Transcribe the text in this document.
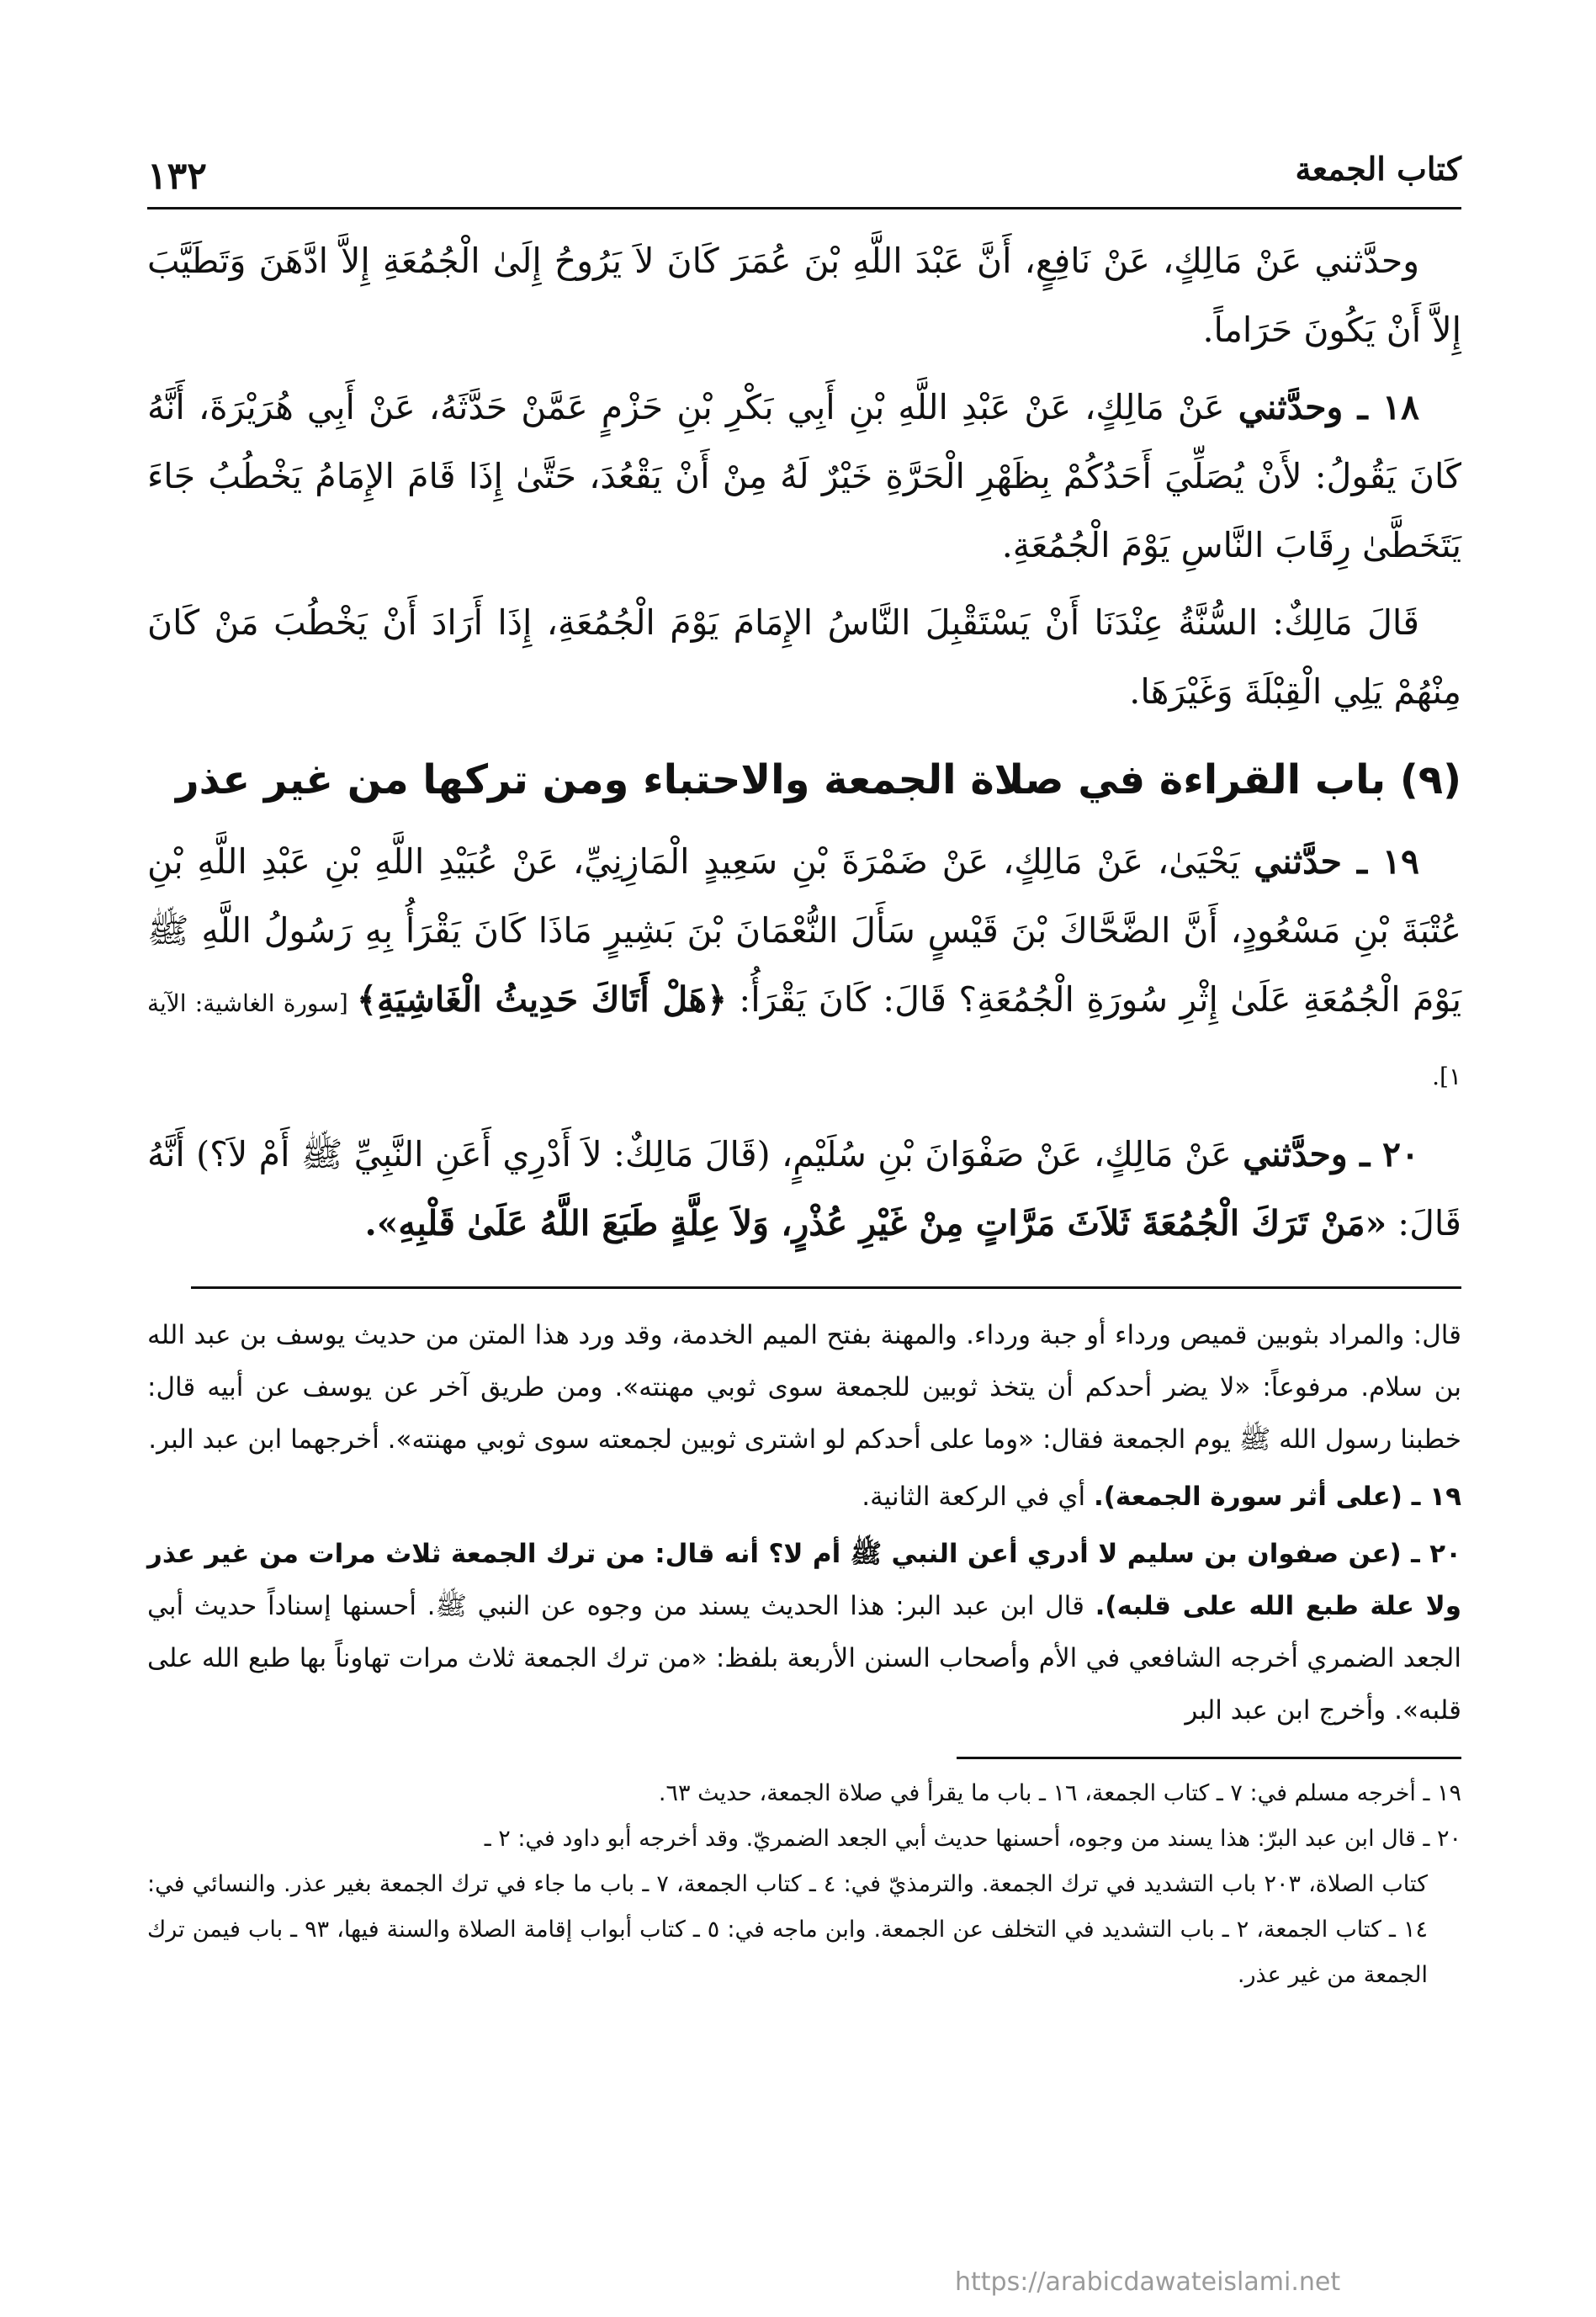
كتاب الجمعة
١٣٢

وحدَّثني عَنْ مَالِكٍ، عَنْ نَافِعٍ، أَنَّ عَبْدَ اللَّهِ بْنَ عُمَرَ كَانَ لاَ يَرُوحُ إِلَىٰ الْجُمُعَةِ إِلاَّ ادَّهَنَ وَتَطَيَّبَ إِلاَّ أَنْ يَكُونَ حَرَاماً.

١٨ ـ وحدَّثني عَنْ مَالِكٍ، عَنْ عَبْدِ اللَّهِ بْنِ أَبِي بَكْرِ بْنِ حَزْمٍ عَمَّنْ حَدَّثَهُ، عَنْ أَبِي هُرَيْرَةَ، أَنَّهُ كَانَ يَقُولُ: لأَنْ يُصَلِّيَ أَحَدُكُمْ بِظَهْرِ الْحَرَّةِ خَيْرٌ لَهُ مِنْ أَنْ يَقْعُدَ، حَتَّىٰ إِذَا قَامَ الإِمَامُ يَخْطُبُ جَاءَ يَتَخَطَّىٰ رِقَابَ النَّاسِ يَوْمَ الْجُمُعَةِ.

قَالَ مَالِكٌ: السُّنَّةُ عِنْدَنَا أَنْ يَسْتَقْبِلَ النَّاسُ الإِمَامَ يَوْمَ الْجُمُعَةِ، إِذَا أَرَادَ أَنْ يَخْطُبَ مَنْ كَانَ مِنْهُمْ يَلِي الْقِبْلَةَ وَغَيْرَهَا.

(٩) باب القراءة في صلاة الجمعة والاحتباء ومن تركها من غير عذر

١٩ ـ حدَّثني يَحْيَىٰ، عَنْ مَالِكٍ، عَنْ ضَمْرَةَ بْنِ سَعِيدٍ الْمَازِنِيِّ، عَنْ عُبَيْدِ اللَّهِ بْنِ عَبْدِ اللَّهِ بْنِ عُتْبَةَ بْنِ مَسْعُودٍ، أَنَّ الضَّحَّاكَ بْنَ قَيْسٍ سَأَلَ النُّعْمَانَ بْنَ بَشِيرٍ مَاذَا كَانَ يَقْرَأُ بِهِ رَسُولُ اللَّهِ ﷺ يَوْمَ الْجُمُعَةِ عَلَىٰ إِثْرِ سُورَةِ الْجُمُعَةِ؟ قَالَ: كَانَ يَقْرَأُ: ﴿هَلْ أَتَاكَ حَدِيثُ الْغَاشِيَةِ﴾ [سورة الغاشية: الآية ١].

٢٠ ـ وحدَّثني عَنْ مَالِكٍ، عَنْ صَفْوَانَ بْنِ سُلَيْمٍ، (قَالَ مَالِكٌ: لاَ أَدْرِي أَعَنِ النَّبِيِّ ﷺ أَمْ لاَ؟) أَنَّهُ قَالَ: «مَنْ تَرَكَ الْجُمُعَةَ ثَلاَثَ مَرَّاتٍ مِنْ غَيْرِ عُذْرٍ، وَلاَ عِلَّةٍ طَبَعَ اللَّهُ عَلَىٰ قَلْبِهِ».

قال: والمراد بثوبين قميص ورداء أو جبة ورداء. والمهنة بفتح الميم الخدمة، وقد ورد هذا المتن من حديث يوسف بن عبد الله بن سلام. مرفوعاً: «لا يضر أحدكم أن يتخذ ثوبين للجمعة سوى ثوبي مهنته». ومن طريق آخر عن يوسف عن أبيه قال: خطبنا رسول الله ﷺ يوم الجمعة فقال: «وما على أحدكم لو اشترى ثوبين لجمعته سوى ثوبي مهنته». أخرجهما ابن عبد البر.

١٩ ـ (على أثر سورة الجمعة). أي في الركعة الثانية.

٢٠ ـ (عن صفوان بن سليم لا أدري أعن النبي ﷺ أم لا؟ أنه قال: من ترك الجمعة ثلاث مرات من غير عذر ولا علة طبع الله على قلبه). قال ابن عبد البر: هذا الحديث يسند من وجوه عن النبي ﷺ. أحسنها إسناداً حديث أبي الجعد الضمري أخرجه الشافعي في الأم وأصحاب السنن الأربعة بلفظ: «من ترك الجمعة ثلاث مرات تهاوناً بها طبع الله على قلبه». وأخرج ابن عبد البر

١٩ ـ أخرجه مسلم في: ٧ ـ كتاب الجمعة، ١٦ ـ باب ما يقرأ في صلاة الجمعة، حديث ٦٣.

٢٠ ـ قال ابن عبد البرّ: هذا يسند من وجوه، أحسنها حديث أبي الجعد الضمريّ. وقد أخرجه أبو داود في: ٢ ـ

كتاب الصلاة، ٢٠٣ باب التشديد في ترك الجمعة. والترمذيّ في: ٤ ـ كتاب الجمعة، ٧ ـ باب ما جاء في ترك الجمعة بغير عذر. والنسائي في: ١٤ ـ كتاب الجمعة، ٢ ـ باب التشديد في التخلف عن الجمعة. وابن ماجه في: ٥ ـ كتاب أبواب إقامة الصلاة والسنة فيها، ٩٣ ـ باب فيمن ترك الجمعة من غير عذر.

https://arabicdawateislami.net
